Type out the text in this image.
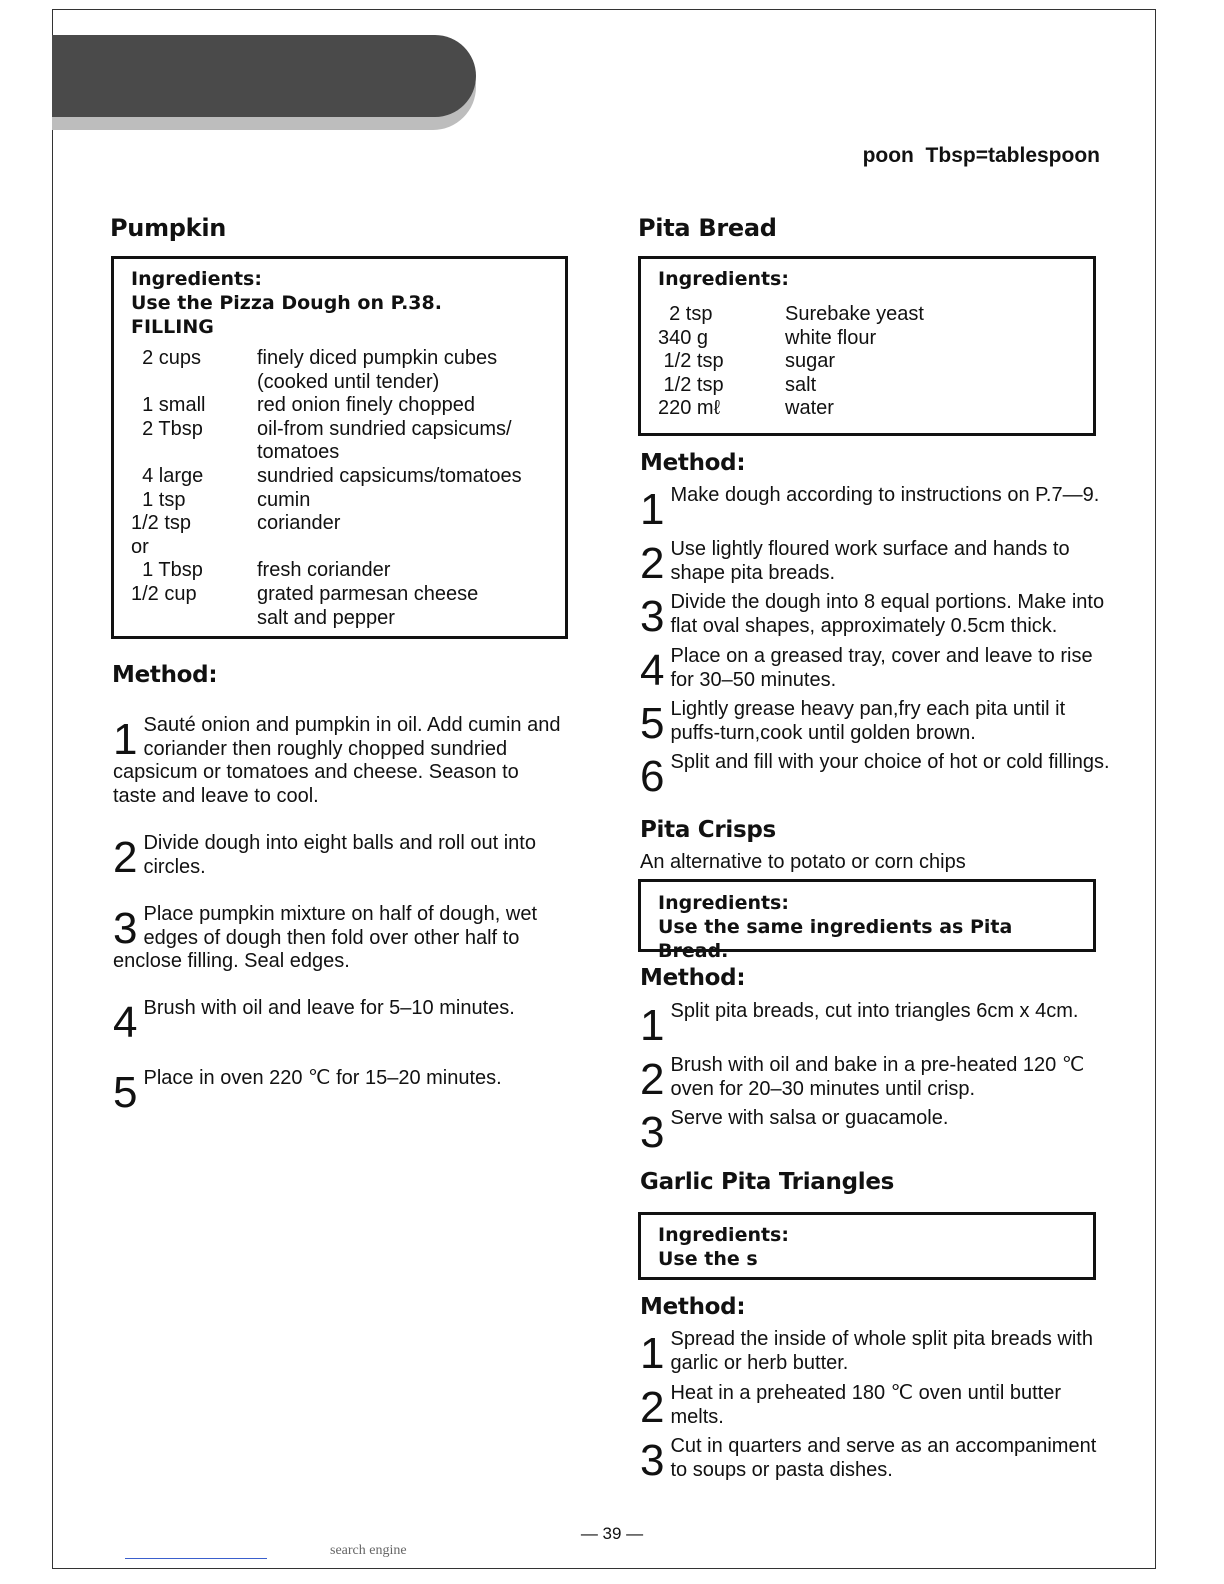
poon  Tbsp=tablespoon
Pumpkin
Ingredients:
Use the Pizza Dough on P.38.
FILLING
2 cups	finely diced pumpkin cubes (cooked until tender)
1 small	red onion finely chopped
2 Tbsp	oil-from sundried capsicums/ tomatoes
4 large	sundried capsicums/tomatoes
1 tsp	cumin
1/2 tsp	coriander
or
1 Tbsp	fresh coriander
1/2 cup	grated parmesan cheese
salt and pepper
Method:
1 Sauté onion and pumpkin in oil. Add cumin and coriander then roughly chopped sundried capsicum or tomatoes and cheese. Season to taste and leave to cool.
2 Divide dough into eight balls and roll out into circles.
3 Place pumpkin mixture on half of dough, wet edges of dough then fold over other half to enclose filling. Seal edges.
4 Brush with oil and leave for 5–10 minutes.
5 Place in oven 220 ℃ for 15–20 minutes.
Pita Bread
Ingredients:
2 tsp	Surebake yeast
340 g	white flour
1/2 tsp	sugar
1/2 tsp	salt
220 mℓ	water
Method:
1 Make dough according to instructions on P.7—9.
2 Use lightly floured work surface and hands to shape pita breads.
3 Divide the dough into 8 equal portions. Make into flat oval shapes, approximately 0.5cm thick.
4 Place on a greased tray, cover and leave to rise for 30–50 minutes.
5 Lightly grease heavy pan,fry each pita until it puffs-turn,cook until golden brown.
6 Split and fill with your choice of hot or cold fillings.
Pita Crisps
An alternative to potato or corn chips
Ingredients:
Use the same ingredients as Pita Bread.
Method:
1 Split pita breads, cut into triangles 6cm x 4cm.
2 Brush with oil and bake in a pre-heated 120 ℃ oven for 20–30 minutes until crisp.
3 Serve with salsa or guacamole.
Garlic Pita Triangles
Ingredients:
Use the s
Method:
1 Spread the inside of whole split pita breads with garlic or herb butter.
2 Heat in a preheated 180 ℃ oven until butter melts.
3 Cut in quarters and serve as an accompaniment to soups or pasta dishes.
— 39 —
search engine
